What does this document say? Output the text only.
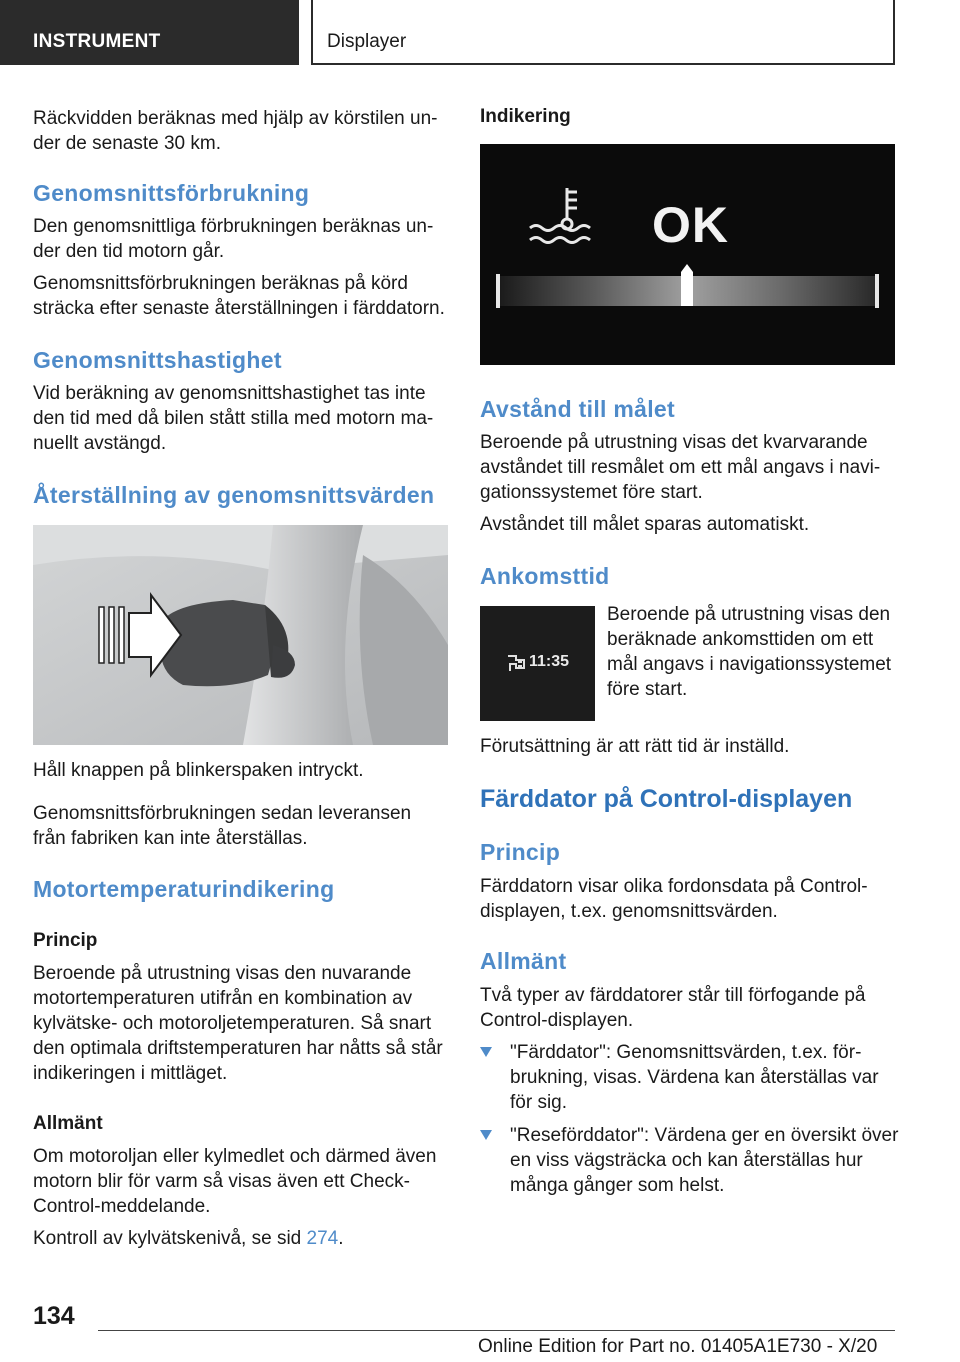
INSTRUMENT	Displayer

Räckvidden beräknas med hjälp av körstilen under de senaste 30 km.

Genomsnittsförbrukning

Den genomsnittliga förbrukningen beräknas under den tid motorn går.

Genomsnittsförbrukningen beräknas på körd sträcka efter senaste återställningen i färddatorn.

Genomsnittshastighet

Vid beräkning av genomsnittshastighet tas inte den tid med då bilen stått stilla med motorn manuellt avstängd.

Återställning av genomsnittsvärden

Håll knappen på blinkerspaken intryckt.

Genomsnittsförbrukningen sedan leveransen från fabriken kan inte återställas.

Motortemperaturindikering
Princip

Beroende på utrustning visas den nuvarande motortemperaturen utifrån en kombination av kylvätske- och motoroljetemperaturen. Så snart den optimala driftstemperaturen har nåtts så står indikeringen i mittläget.

Allmänt

Om motoroljan eller kylmedlet och därmed även motorn blir för varm så visas även ett Check-Control-meddelande.

Kontroll av kylvätskenivå, se sid 274.

Indikering
OK
Avstånd till målet

Beroende på utrustning visas det kvarvarande avståndet till resmålet om ett mål angavs i navigationssystemet före start.

Avståndet till målet sparas automatiskt.

Ankomsttid
11:35

Beroende på utrustning visas den beräknade ankomsttiden om ett mål angavs i navigationssystemet före start.

Förutsättning är att rätt tid är inställd.

Färddator på Control-displayen
Princip

Färddatorn visar olika fordonsdata på Control-displayen, t.ex. genomsnittsvärden.

Allmänt

Två typer av färddatorer står till förfogande på Control-displayen.

"Färddator": Genomsnittsvärden, t.ex. förbrukning, visas. Värdena kan återställas var för sig.
"Reseförddator": Värdena ger en översikt över en viss vägsträcka och kan återställas hur många gånger som helst.
134
Online Edition for Part no. 01405A1E730 - X/20
